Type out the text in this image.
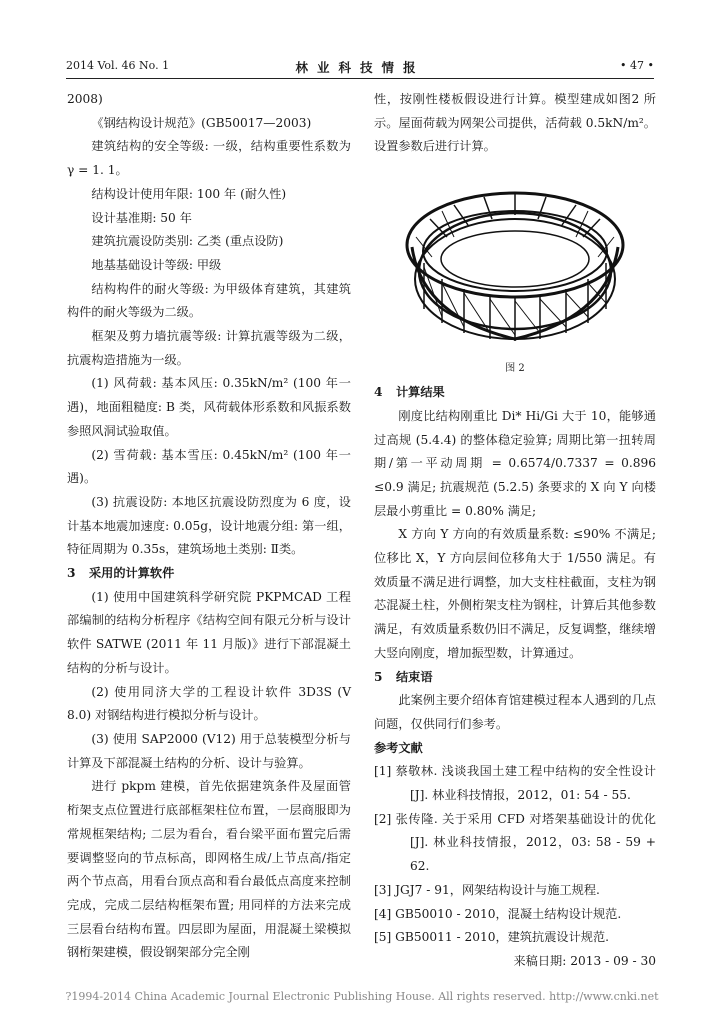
2014 Vol. 46 No. 1	林业科技情报	• 47 •

2008)

《钢结构设计规范》(GB50017—2003)

建筑结构的安全等级: 一级，结构重要性系数为 γ = 1. 1。

结构设计使用年限: 100 年 (耐久性)

设计基准期: 50 年

建筑抗震设防类别: 乙类 (重点设防)

地基基础设计等级: 甲级

结构构件的耐火等级: 为甲级体育建筑，其建筑构件的耐火等级为二级。

框架及剪力墙抗震等级: 计算抗震等级为二级，抗震构造措施为一级。

(1) 风荷载: 基本风压: 0.35kN/m² (100 年一遇)，地面粗糙度: B 类，风荷载体形系数和风振系数参照风洞试验取值。

(2) 雪荷载: 基本雪压: 0.45kN/m² (100 年一遇)。

(3) 抗震设防: 本地区抗震设防烈度为 6 度，设计基本地震加速度: 0.05g，设计地震分组: 第一组，特征周期为 0.35s，建筑场地土类别: Ⅱ类。

3 采用的计算软件

(1) 使用中国建筑科学研究院 PKPMCAD 工程部编制的结构分析程序《结构空间有限元分析与设计软件 SATWE (2011 年 11 月版)》进行下部混凝土结构的分析与设计。

(2) 使用同济大学的工程设计软件 3D3S (V 8.0) 对钢结构进行模拟分析与设计。

(3) 使用 SAP2000 (V12) 用于总装模型分析与计算及下部混凝土结构的分析、设计与验算。

进行 pkpm 建模，首先依据建筑条件及屋面管桁架支点位置进行底部框架柱位布置，一层商服即为常规框架结构; 二层为看台，看台梁平面布置完后需要调整竖向的节点标高，即网格生成/上节点高/指定两个节点高，用看台顶点高和看台最低点高度来控制完成，完成二层结构框架布置; 用同样的方法来完成三层看台结构布置。四层即为屋面，用混凝土梁模拟钢桁架建模，假设钢架部分完全刚

性，按刚性楼板假设进行计算。模型建成如图2 所示。屋面荷载为网架公司提供，活荷载 0.5kN/m²。设置参数后进行计算。

图 2

4 计算结果

刚度比结构刚重比 Di* Hi/Gi 大于 10，能够通过高规 (5.4.4) 的整体稳定验算; 周期比第一扭转周期/第一平动周期 = 0.6574/0.7337 = 0.896 ≤0.9 满足; 抗震规范 (5.2.5) 条要求的 X 向 Y 向楼层最小剪重比 = 0.80% 满足;

X 方向 Y 方向的有效质量系数: ≤90% 不满足; 位移比 X，Y 方向层间位移角大于 1/550 满足。有效质量不满足进行调整，加大支柱柱截面，支柱为钢芯混凝土柱，外侧桁架支柱为钢柱，计算后其他参数满足，有效质量系数仍旧不满足，反复调整，继续增大竖向刚度，增加振型数，计算通过。

5 结束语

此案例主要介绍体育馆建模过程本人遇到的几点问题，仅供同行们参考。

参考文献

[1] 蔡敬林. 浅谈我国土建工程中结构的安全性设计 [J]. 林业科技情报，2012，01: 54 - 55.

[2] 张传隆. 关于采用 CFD 对塔架基础设计的优化 [J]. 林业科技情报，2012，03: 58 - 59 + 62.

[3] JGJ7 - 91，网架结构设计与施工规程.

[4] GB50010 - 2010，混凝土结构设计规范.

[5] GB50011 - 2010，建筑抗震设计规范.

来稿日期: 2013 - 09 - 30

?1994-2014 China Academic Journal Electronic Publishing House. All rights reserved. http://www.cnki.net
